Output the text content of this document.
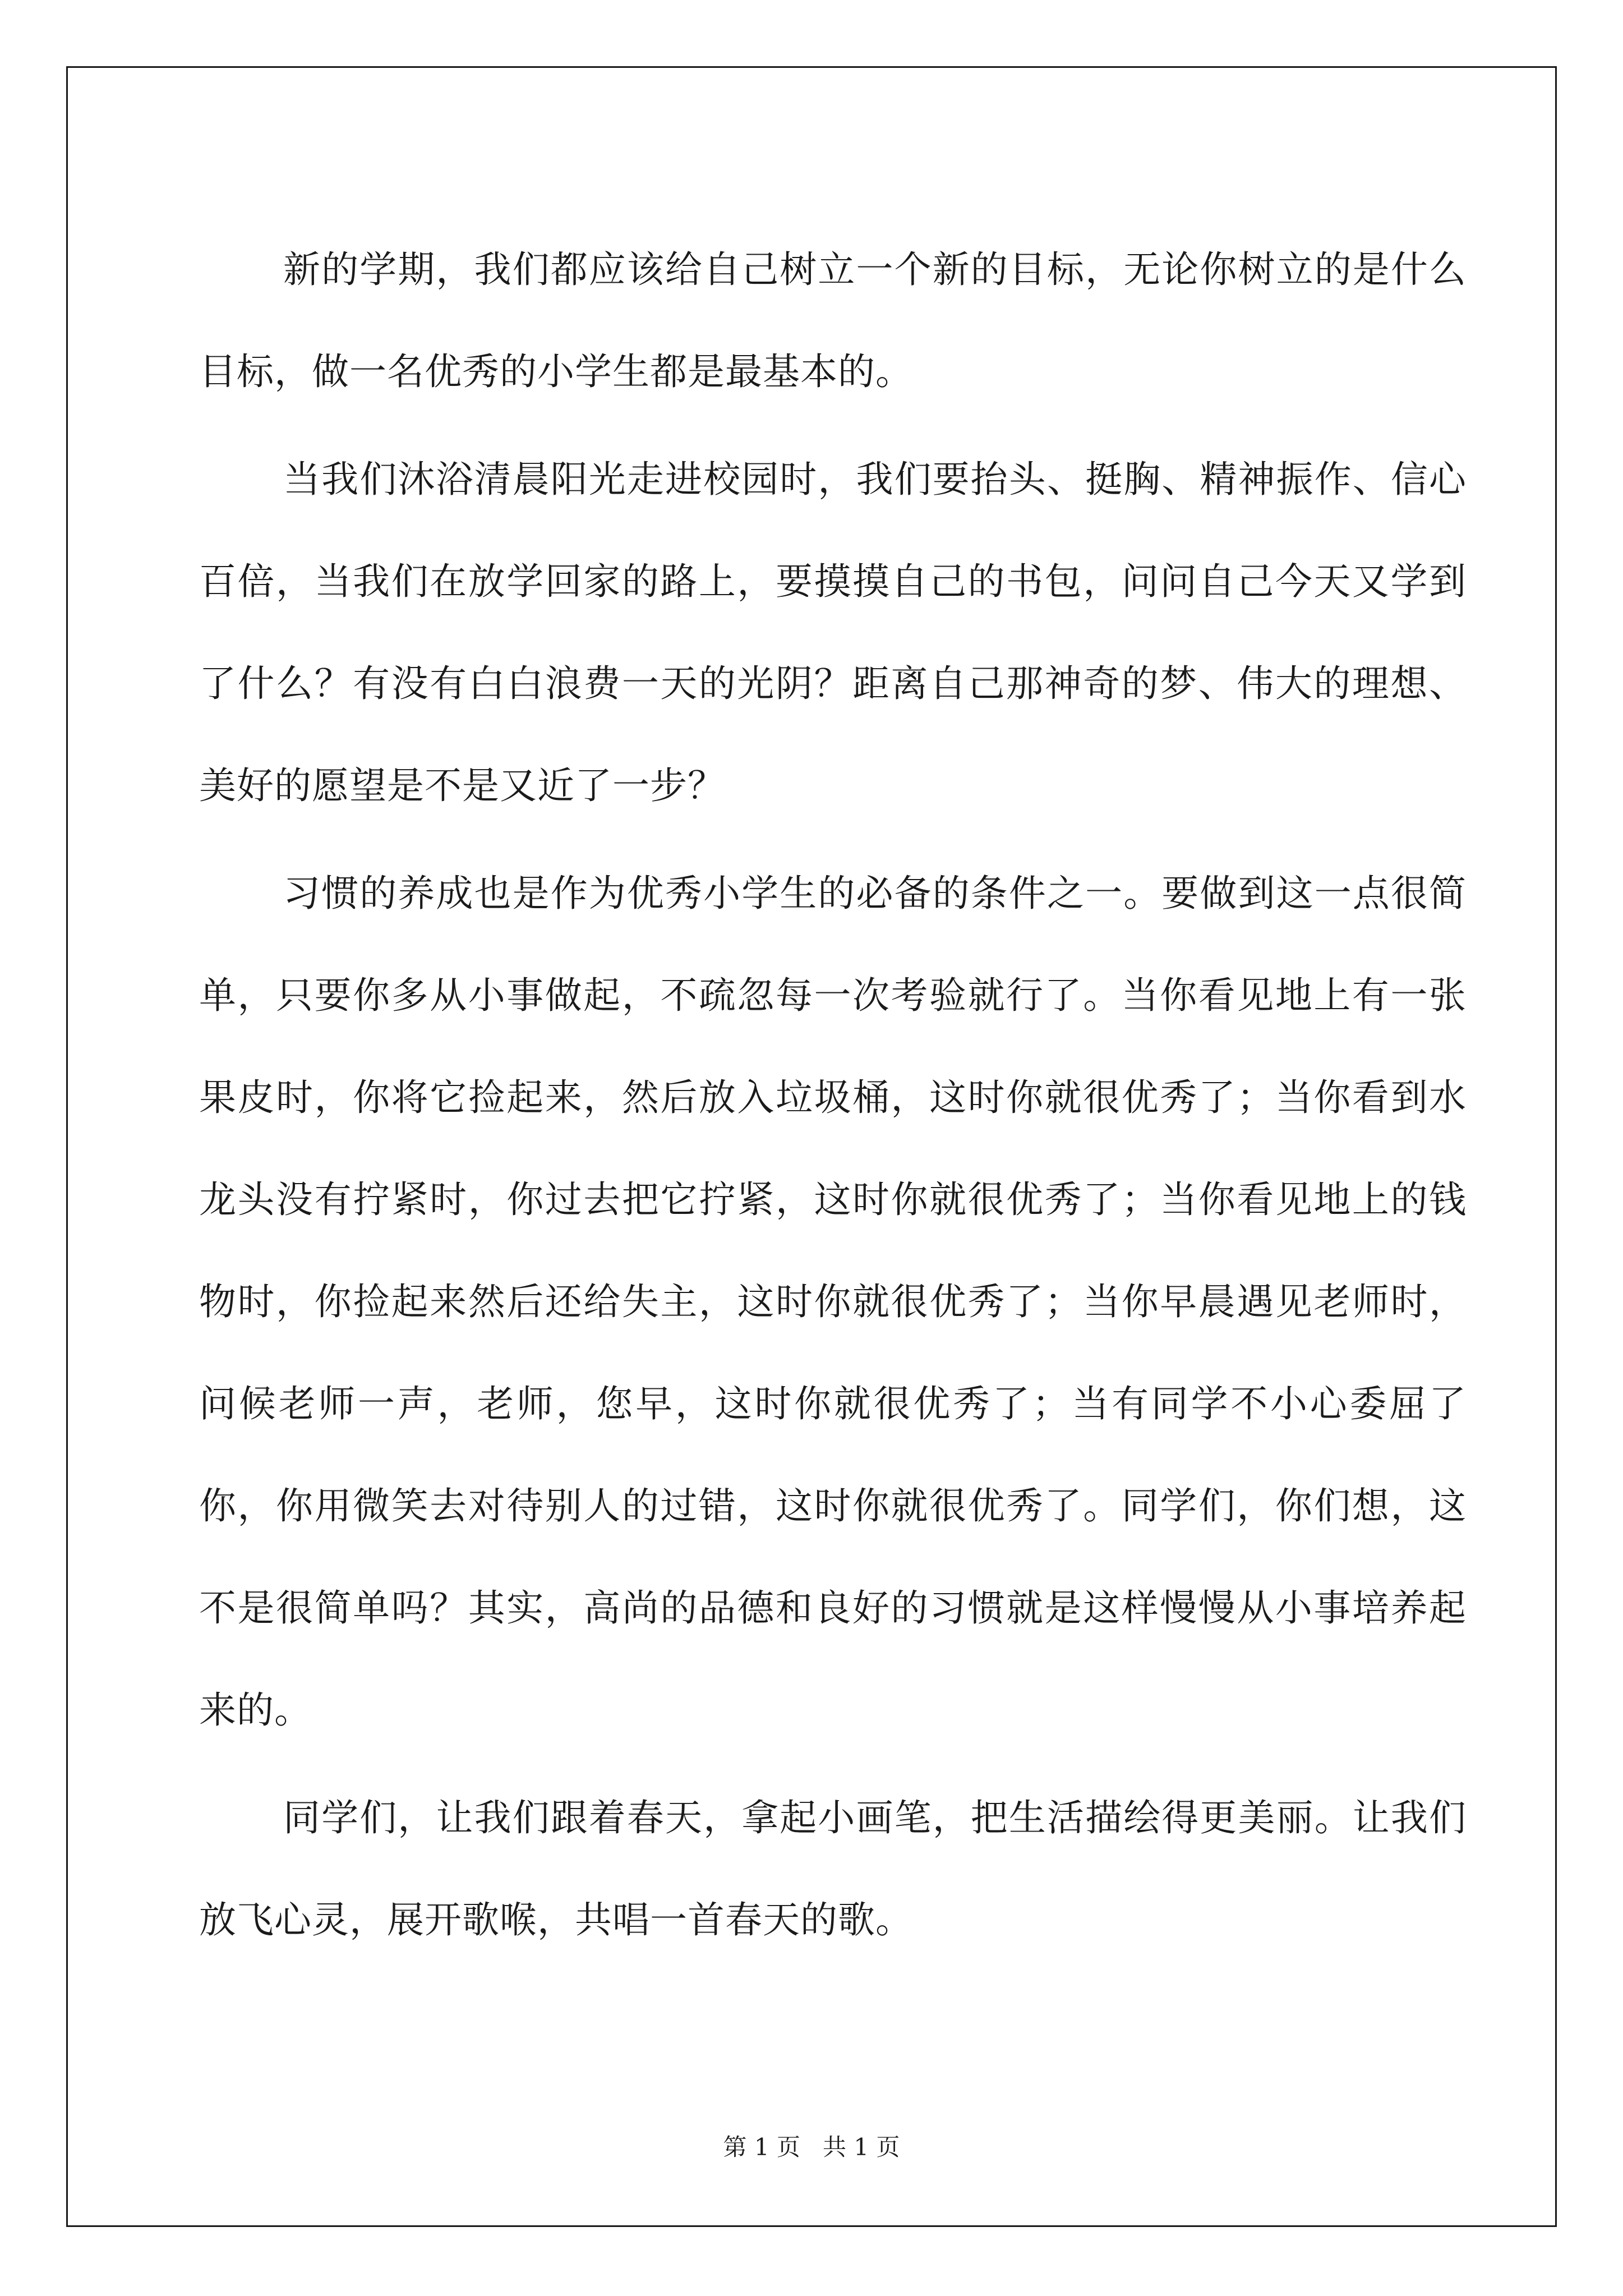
新的学期，我们都应该给自己树立一个新的目标，无论你树立的是什么目标，做一名优秀的小学生都是最基本的。

当我们沐浴清晨阳光走进校园时，我们要抬头、挺胸、精神振作、信心百倍，当我们在放学回家的路上，要摸摸自己的书包，问问自己今天又学到了什么？有没有白白浪费一天的光阴？距离自己那神奇的梦、伟大的理想、美好的愿望是不是又近了一步？

习惯的养成也是作为优秀小学生的必备的条件之一。要做到这一点很简单，只要你多从小事做起，不疏忽每一次考验就行了。当你看见地上有一张果皮时，你将它捡起来，然后放入垃圾桶，这时你就很优秀了；当你看到水龙头没有拧紧时，你过去把它拧紧，这时你就很优秀了；当你看见地上的钱物时，你捡起来然后还给失主，这时你就很优秀了；当你早晨遇见老师时，问候老师一声，老师，您早，这时你就很优秀了；当有同学不小心委屈了你，你用微笑去对待别人的过错，这时你就很优秀了。同学们，你们想，这不是很简单吗？其实，高尚的品德和良好的习惯就是这样慢慢从小事培养起来的。

同学们，让我们跟着春天，拿起小画笔，把生活描绘得更美丽。让我们放飞心灵，展开歌喉，共唱一首春天的歌。

第 1 页   共 1 页
